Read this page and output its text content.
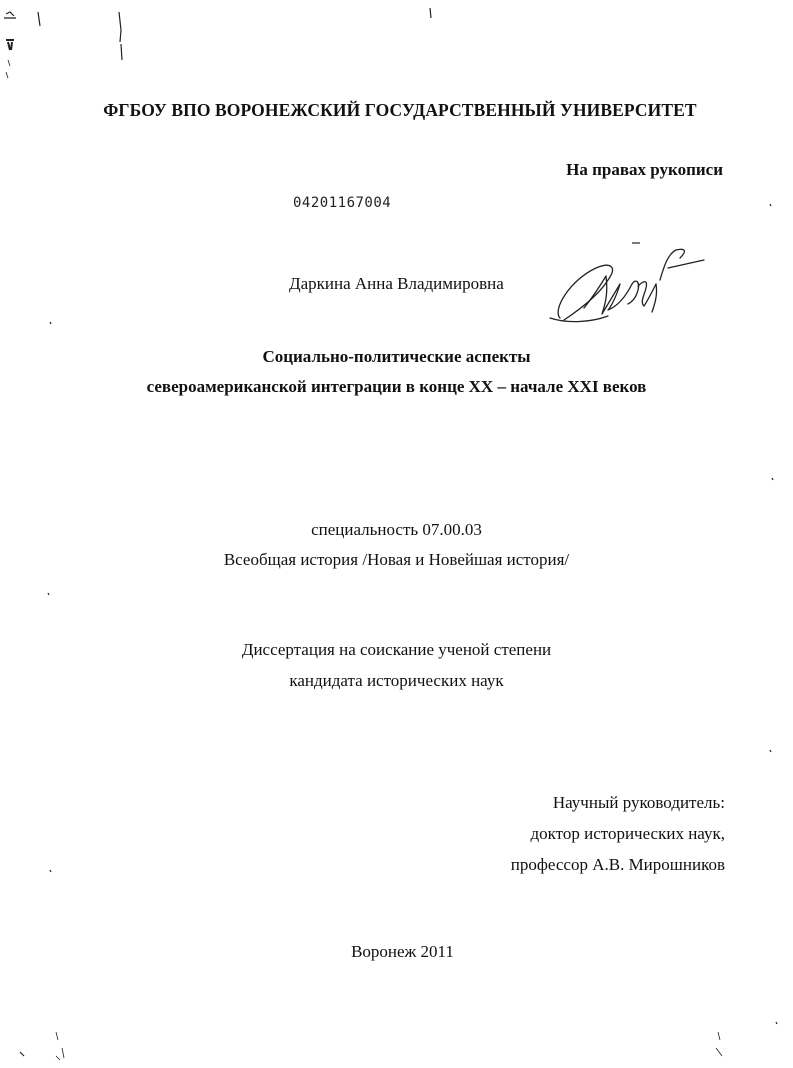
ФГБОУ ВПО ВОРОНЕЖСКИЙ ГОСУДАРСТВЕННЫЙ УНИВЕРСИТЕТ
На правах рукописи
04201167004
Даркина Анна Владимировна
Социально-политические аспекты
североамериканской интеграции в конце XX – начале XXI веков
специальность 07.00.03
Всеобщая история /Новая и Новейшая история/
Диссертация на соискание ученой степени
кандидата исторических наук
Научный руководитель:
доктор исторических наук,
профессор А.В. Мирошников
Воронеж 2011
